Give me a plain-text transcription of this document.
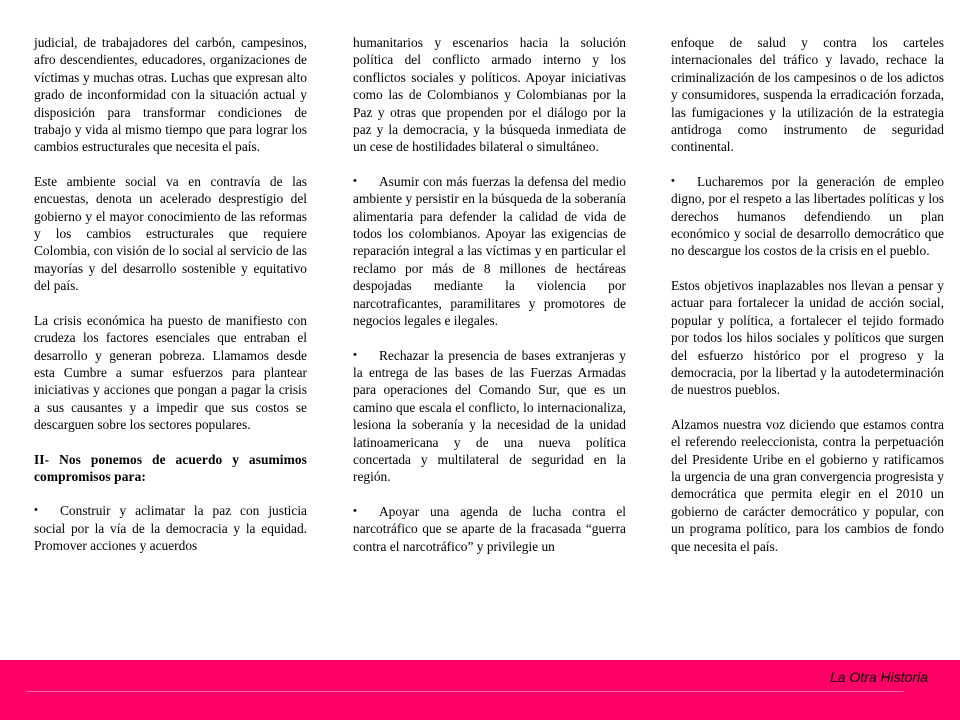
judicial, de trabajadores del carbón, campesinos, afro descendientes, educadores, organizaciones de víctimas y muchas otras. Luchas que expresan alto grado de inconformidad con la situación actual y disposición para transformar condiciones de trabajo y vida al mismo tiempo que para lograr los cambios estructurales que necesita el país.

Este ambiente social va en contravía de las encuestas, denota un acelerado desprestigio del gobierno y el mayor conocimiento de las reformas y los cambios estructurales que requiere Colombia, con visión de lo social al servicio de las mayorías y del desarrollo sostenible y equitativo del país.

La crisis económica ha puesto de manifiesto con crudeza los factores esenciales que entraban el desarrollo y generan pobreza. Llamamos desde esta Cumbre a sumar esfuerzos para plantear iniciativas y acciones que pongan a pagar la crisis a sus causantes y a impedir que sus costos se descarguen sobre los sectores populares.

II- Nos ponemos de acuerdo y asumimos compromisos para:

• Construir y aclimatar la paz con justicia social por la vía de la democracia y la equidad. Promover acciones y acuerdos

humanitarios y escenarios hacia la solución política del conflicto armado interno y los conflictos sociales y políticos. Apoyar iniciativas como las de Colombianos y Colombianas por la Paz y otras que propenden por el diálogo por la paz y la democracia, y la búsqueda inmediata de un cese de hostilidades bilateral o simultáneo.

• Asumir con más fuerzas la defensa del medio ambiente y persistir en la búsqueda de la soberanía alimentaria para defender la calidad de vida de todos los colombianos. Apoyar las exigencias de reparación integral a las víctimas y en particular el reclamo por más de 8 millones de hectáreas despojadas mediante la violencia por narcotraficantes, paramilitares y promotores de negocios legales e ilegales.

• Rechazar la presencia de bases extranjeras y la entrega de las bases de las Fuerzas Armadas para operaciones del Comando Sur, que es un camino que escala el conflicto, lo internacionaliza, lesiona la soberanía y la necesidad de la unidad latinoamericana y de una nueva política concertada y multilateral de seguridad en la región.

• Apoyar una agenda de lucha contra el narcotráfico que se aparte de la fracasada “guerra contra el narcotráfico” y privilegie un

enfoque de salud y contra los carteles internacionales del tráfico y lavado, rechace la criminalización de los campesinos o de los adictos y consumidores, suspenda la erradicación forzada, las fumigaciones y la utilización de la estrategia antidroga como instrumento de seguridad continental.

• Lucharemos por la generación de empleo digno, por el respeto a las libertades políticas y los derechos humanos defendiendo un plan económico y social de desarrollo democrático que no descargue los costos de la crisis en el pueblo.

Estos objetivos inaplazables nos llevan a pensar y actuar para fortalecer la unidad de acción social, popular y política, a fortalecer el tejido formado por todos los hilos sociales y políticos que surgen del esfuerzo histórico por el progreso y la democracia, por la libertad y la autodeterminación de nuestros pueblos.

Alzamos nuestra voz diciendo que estamos contra el referendo reeleccionista, contra la perpetuación del Presidente Uribe en el gobierno y ratificamos la urgencia de una gran convergencia progresista y democrática que permita elegir en el 2010 un gobierno de carácter democrático y popular, con un programa político, para los cambios de fondo que necesita el país.

La Otra Historia
